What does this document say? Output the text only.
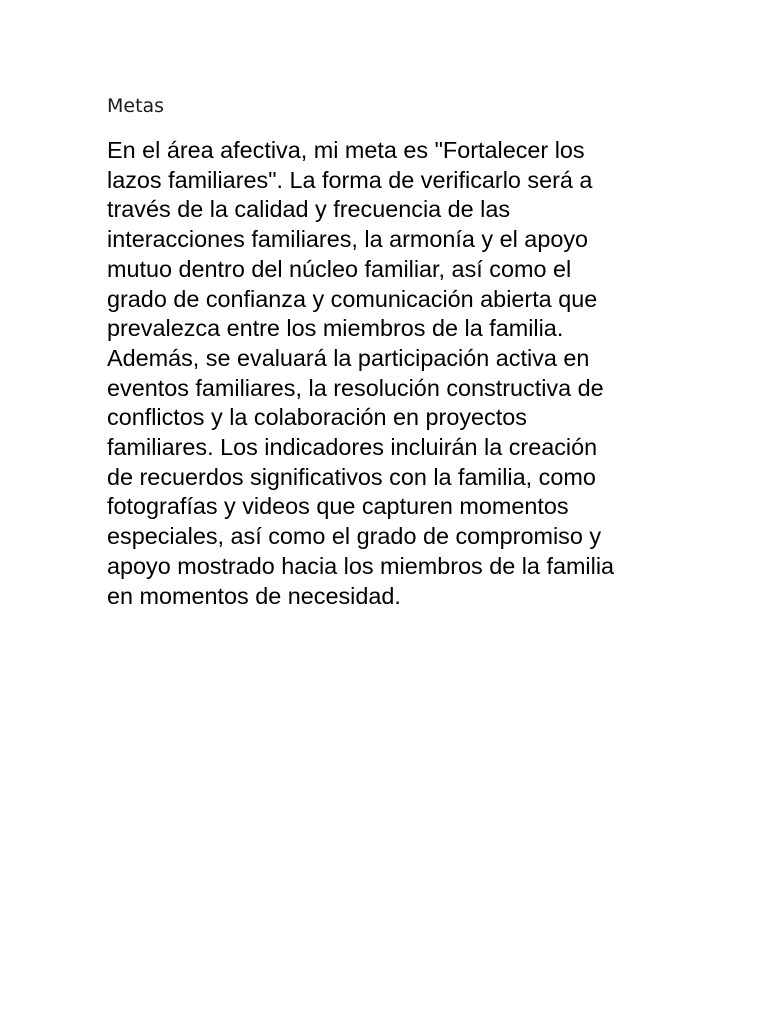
Metas

En el área afectiva, mi meta es "Fortalecer los
lazos familiares". La forma de verificarlo será a
través de la calidad y frecuencia de las
interacciones familiares, la armonía y el apoyo
mutuo dentro del núcleo familiar, así como el
grado de confianza y comunicación abierta que
prevalezca entre los miembros de la familia.
Además, se evaluará la participación activa en
eventos familiares, la resolución constructiva de
conflictos y la colaboración en proyectos
familiares. Los indicadores incluirán la creación
de recuerdos significativos con la familia, como
fotografías y videos que capturen momentos
especiales, así como el grado de compromiso y
apoyo mostrado hacia los miembros de la familia
en momentos de necesidad.
